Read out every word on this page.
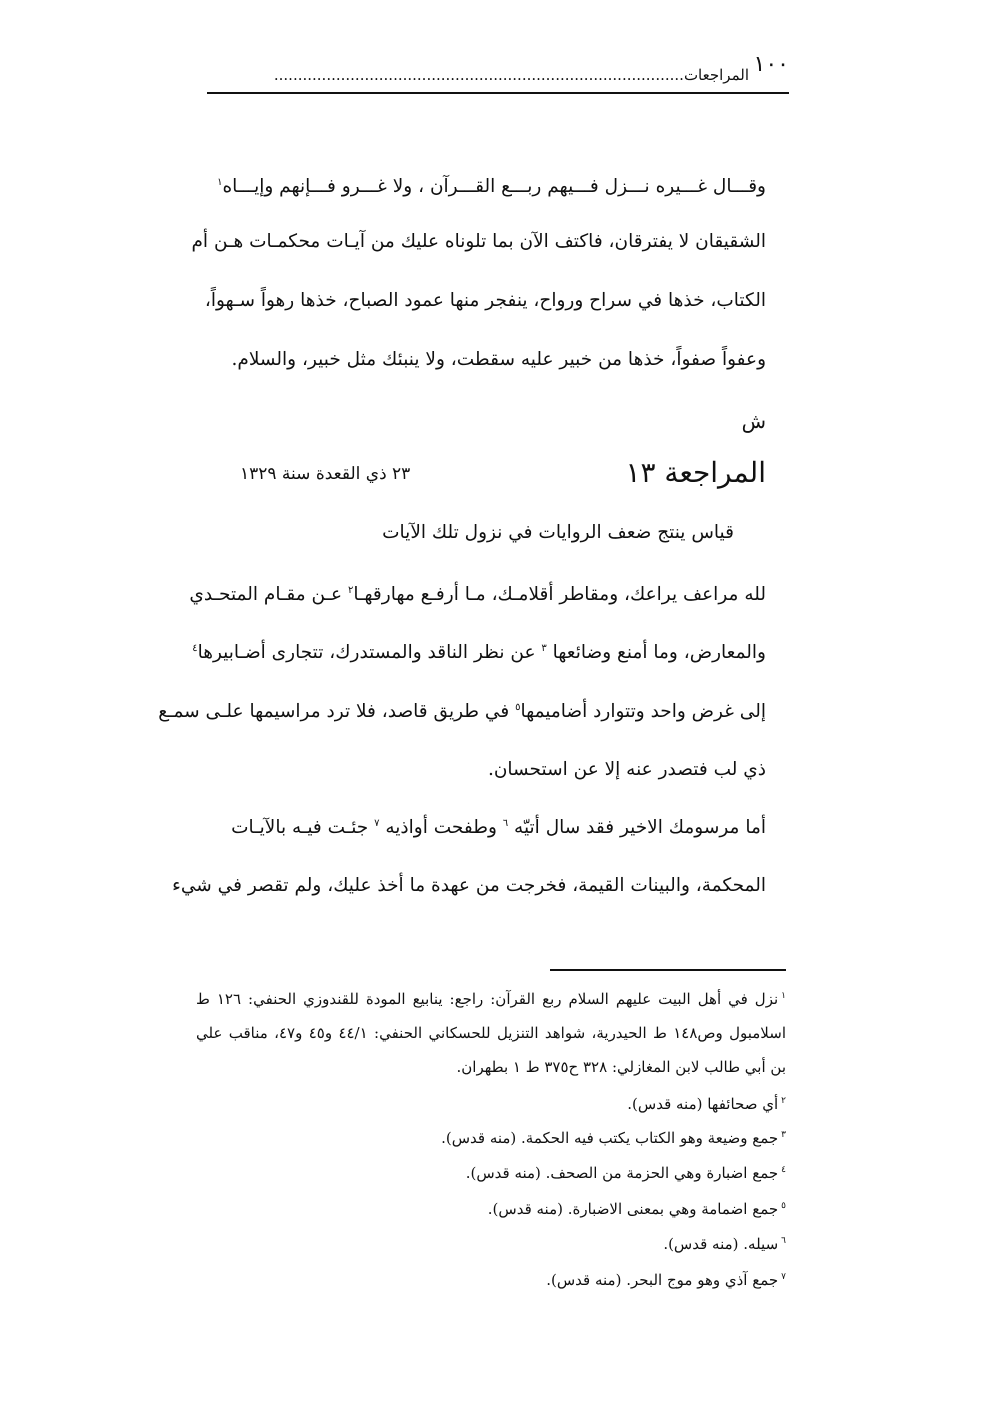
١٠٠
المراجعات......................................................................................
وقـــال غـــيره نـــزل فـــيهم ربـــع القـــرآن ، ولا غـــرو فـــإنهم وإيـــاه$^١$
الشقيقان لا يفترقان، فاكتف الآن بما تلوناه عليك من آيـات محكمـات هـن أم
الكتاب، خذها في سراح ورواح، ينفجر منها عمود الصباح، خذها رهواً سـهواً،
وعفواً صفواً، خذها من خبير عليه سقطت، ولا ينبئك مثل خبير، والسلام.
ش
المراجعة ١٣
٢٣ ذي القعدة سنة ١٣٢٩
قياس ينتج ضعف الروايات في نزول تلك الآيات
لله مراعف يراعك، ومقاطر أقلامـك، مـا أرفـع مهارقهـا$^٢$ عـن مقـام المتحـدي
والمعارض، وما أمنع وضائعها $^٣$ عن نظر الناقد والمستدرك، تتجارى أضـابيرها$^٤$
إلى غرض واحد وتتوارد أضاميمها$^٥$ في طريق قاصد، فلا ترد مراسيمها علـى سمـع
ذي لب فتصدر عنه إلا عن استحسان.
أما مرسومك الاخير فقد سال أتيّه $^٦$ وطفحت أواذيه $^٧$ جئـت فيـه بالآيـات
المحكمة، والبينات القيمة، فخرجت من عهدة ما أخذ عليك، ولم تقصر في شيء
$^١$نزل في أهل البيت عليهم السلام ربع القرآن: راجع: ينابيع المودة للقندوزي الحنفي: ١٢٦ ط
اسلامبول وص١٤٨ ط الحيدرية، شواهد التنزيل للحسكاني الحنفي: ٤٤/١ و٤٥ و٤٧، مناقب علي
بن أبي طالب لابن المغازلي: ٣٢٨ ح٣٧٥ ط ١ بطهران.
$^٢$أي صحائفها (منه قدس).
$^٣$جمع وضيعة وهو الكتاب يكتب فيه الحكمة. (منه قدس).
$^٤$جمع اضبارة وهي الحزمة من الصحف. (منه قدس).
$^٥$جمع اضمامة وهي بمعنى الاضبارة. (منه قدس).
$^٦$سيله. (منه قدس).
$^٧$جمع آذي وهو موج البحر. (منه قدس).
